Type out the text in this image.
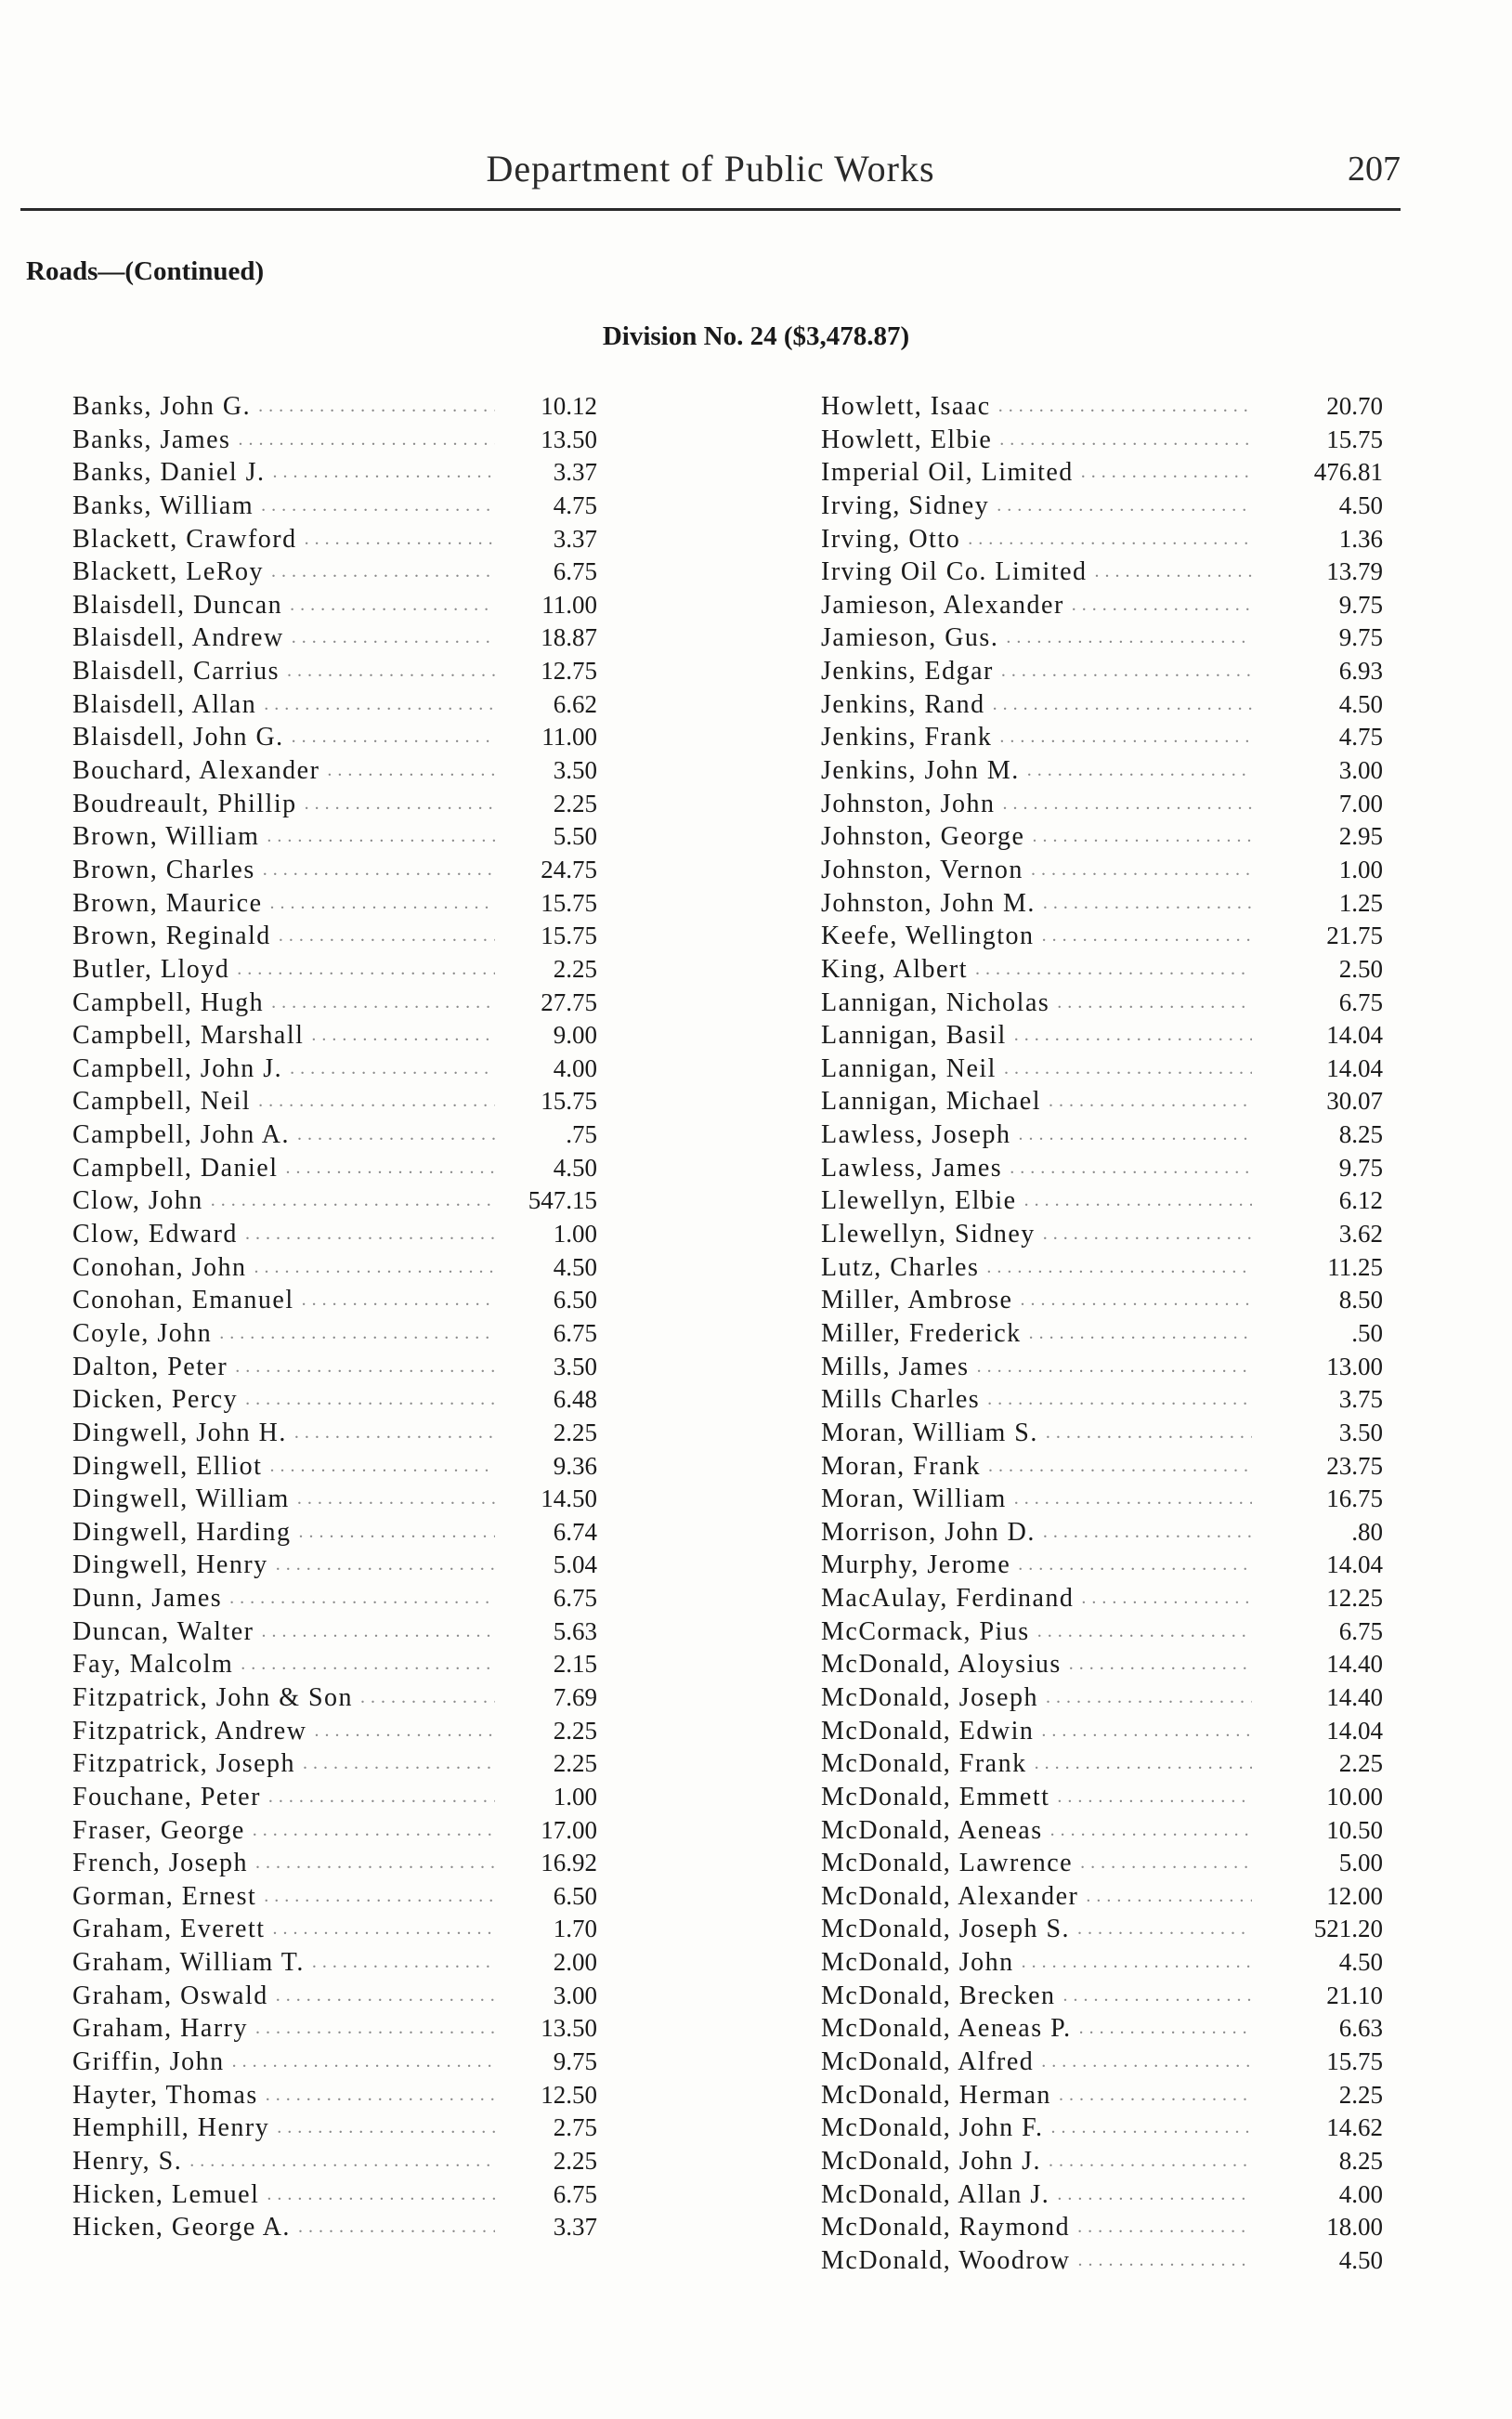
Department of Public Works	207
Roads—(Continued)
Division No. 24 ($3,478.87)
Banks, John G. .....	10.12
Banks, James .....	13.50
Banks, Daniel J. .....	3.37
Banks, William .....	4.75
Blackett, Crawford .....	3.37
Blackett, LeRoy .....	6.75
Blaisdell, Duncan .....	11.00
Blaisdell, Andrew .....	18.87
Blaisdell, Carrius .....	12.75
Blaisdell, Allan .....	6.62
Blaisdell, John G. .....	11.00
Bouchard, Alexander .....	3.50
Boudreault, Phillip .....	2.25
Brown, William .....	5.50
Brown, Charles .....	24.75
Brown, Maurice .....	15.75
Brown, Reginald .....	15.75
Butler, Lloyd .....	2.25
Campbell, Hugh .....	27.75
Campbell, Marshall .....	9.00
Campbell, John J. .....	4.00
Campbell, Neil .....	15.75
Campbell, John A. .....	.75
Campbell, Daniel .....	4.50
Clow, John .....	547.15
Clow, Edward .....	1.00
Conohan, John .....	4.50
Conohan, Emanuel .....	6.50
Coyle, John .....	6.75
Dalton, Peter .....	3.50
Dicken, Percy .....	6.48
Dingwell, John H. .....	2.25
Dingwell, Elliot .....	9.36
Dingwell, William .....	14.50
Dingwell, Harding .....	6.74
Dingwell, Henry .....	5.04
Dunn, James .....	6.75
Duncan, Walter .....	5.63
Fay, Malcolm .....	2.15
Fitzpatrick, John & Son .....	7.69
Fitzpatrick, Andrew .....	2.25
Fitzpatrick, Joseph .....	2.25
Fouchane, Peter .....	1.00
Fraser, George .....	17.00
French, Joseph .....	16.92
Gorman, Ernest .....	6.50
Graham, Everett .....	1.70
Graham, William T. .....	2.00
Graham, Oswald .....	3.00
Graham, Harry .....	13.50
Griffin, John .....	9.75
Hayter, Thomas .....	12.50
Hemphill, Henry .....	2.75
Henry, S. .....	2.25
Hicken, Lemuel .....	6.75
Hicken, George A. .....	3.37
Howlett, Isaac .....	20.70
Howlett, Elbie .....	15.75
Imperial Oil, Limited .....	476.81
Irving, Sidney .....	4.50
Irving, Otto .....	1.36
Irving Oil Co. Limited .....	13.79
Jamieson, Alexander .....	9.75
Jamieson, Gus. .....	9.75
Jenkins, Edgar .....	6.93
Jenkins, Rand .....	4.50
Jenkins, Frank .....	4.75
Jenkins, John M. .....	3.00
Johnston, John .....	7.00
Johnston, George .....	2.95
Johnston, Vernon .....	1.00
Johnston, John M. .....	1.25
Keefe, Wellington .....	21.75
King, Albert .....	2.50
Lannigan, Nicholas .....	6.75
Lannigan, Basil .....	14.04
Lannigan, Neil .....	14.04
Lannigan, Michael .....	30.07
Lawless, Joseph .....	8.25
Lawless, James .....	9.75
Llewellyn, Elbie .....	6.12
Llewellyn, Sidney .....	3.62
Lutz, Charles .....	11.25
Miller, Ambrose .....	8.50
Miller, Frederick .....	.50
Mills, James .....	13.00
Mills Charles .....	3.75
Moran, William S. .....	3.50
Moran, Frank .....	23.75
Moran, William .....	16.75
Morrison, John D. .....	.80
Murphy, Jerome .....	14.04
MacAulay, Ferdinand .....	12.25
McCormack, Pius .....	6.75
McDonald, Aloysius .....	14.40
McDonald, Joseph .....	14.40
McDonald, Edwin .....	14.04
McDonald, Frank .....	2.25
McDonald, Emmett .....	10.00
McDonald, Aeneas .....	10.50
McDonald, Lawrence .....	5.00
McDonald, Alexander .....	12.00
McDonald, Joseph S. .....	521.20
McDonald, John .....	4.50
McDonald, Brecken .....	21.10
McDonald, Aeneas P. .....	6.63
McDonald, Alfred .....	15.75
McDonald, Herman .....	2.25
McDonald, John F. .....	14.62
McDonald, John J. .....	8.25
McDonald, Allan J. .....	4.00
McDonald, Raymond .....	18.00
McDonald, Woodrow .....	4.50
